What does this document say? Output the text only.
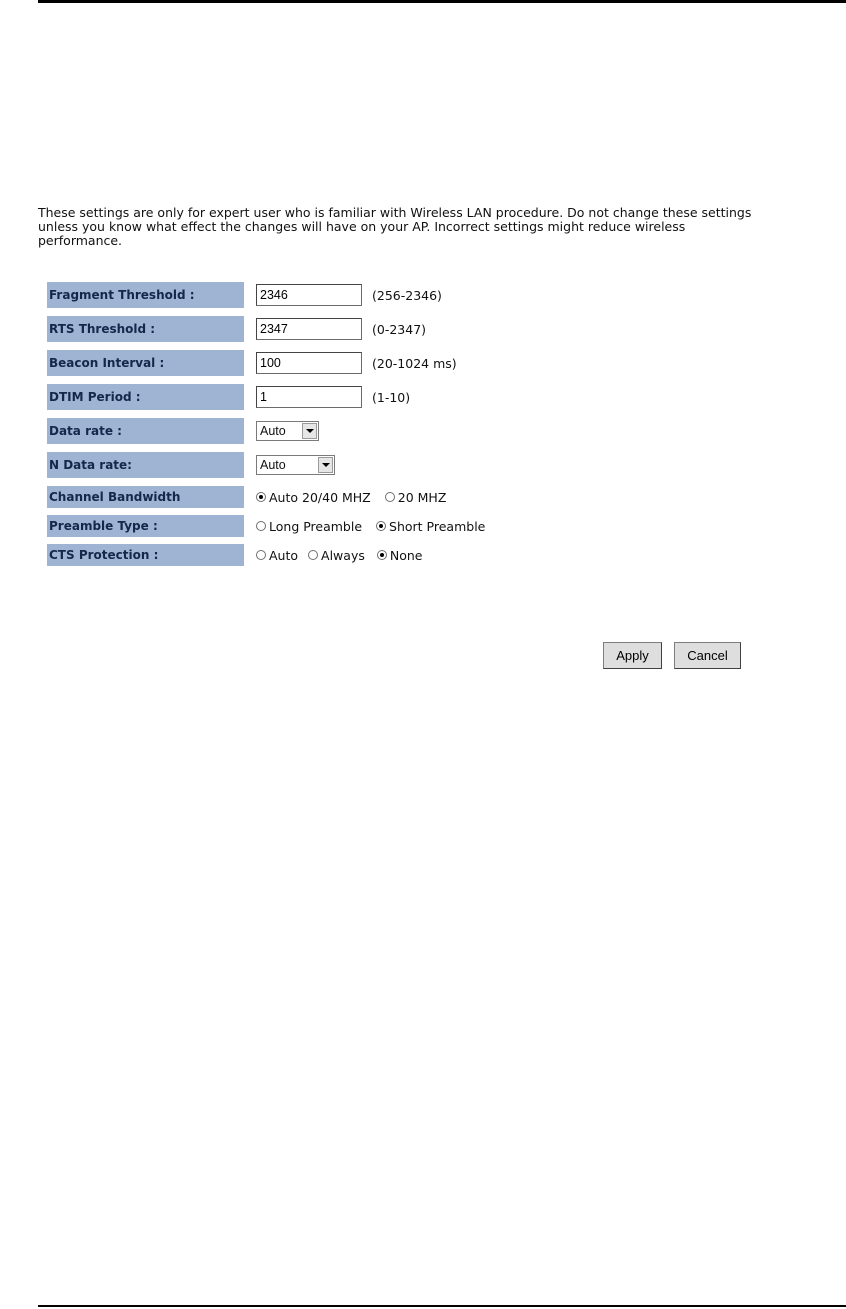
These settings are only for expert user who is familiar with Wireless LAN procedure. Do not change these settings unless you know what effect the changes will have on your AP. Incorrect settings might reduce wireless performance.
Fragment Threshold :
2346	(256-2346)
RTS Threshold :
2347	(0-2347)
Beacon Interval :
100	(20-1024 ms)
DTIM Period :
1	(1-10)
Data rate :	Auto
N Data rate:	Auto
Channel Bandwidth	Auto 20/40 MHZ 20 MHZ
Preamble Type :	Long Preamble Short Preamble
CTS Protection :	Auto Always None
Apply	Cancel
